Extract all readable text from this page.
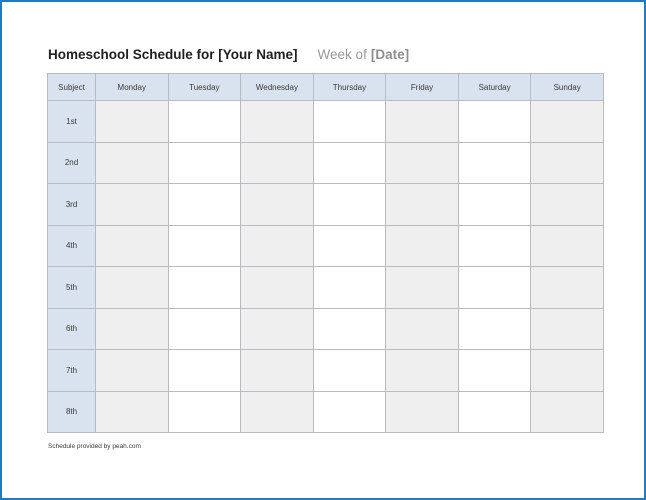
Homeschool Schedule for [Your Name] Week of [Date]
Subject	Monday	Tuesday	Wednesday	Thursday	Friday	Saturday	Sunday
1st							
2nd							
3rd							
4th							
5th							
6th							
7th							
8th							
Schedule provided by peah.com
